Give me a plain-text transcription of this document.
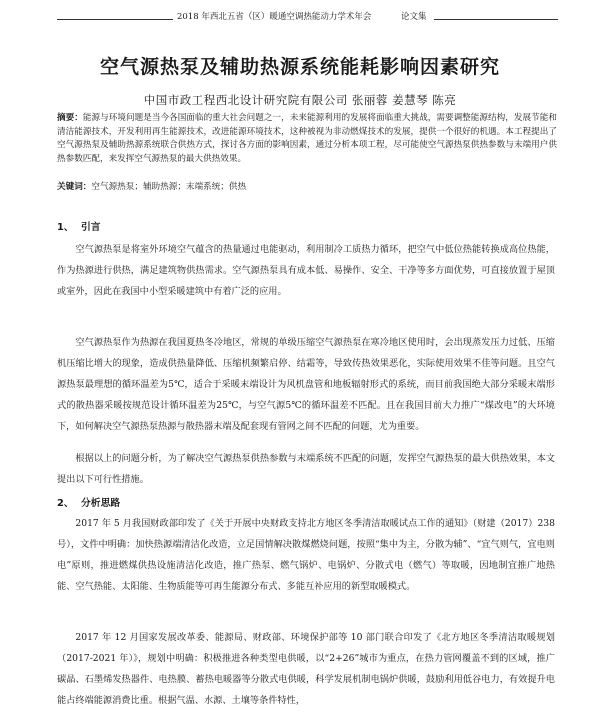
2018 年西北五省（区）暖通空调热能动力学术年会	论文集
空气源热泵及辅助热源系统能耗影响因素研究
中国市政工程西北设计研究院有限公司 张丽蓉 姜慧琴 陈亮

摘要：能源与环境问题是当今各国面临的重大社会问题之一，未来能源利用的发展将面临重大挑战，需要调整能源结构，发展节能和清洁能源技术，开发利用再生能源技术，改进能源环境技术，这种被视为非动燃煤技术的发展，提供一个很好的机遇。本工程提出了空气源热泵及辅助热源系统联合供热方式，探讨各方面的影响因素，通过分析本项工程，尽可能使空气源热泵供热参数与末端用户供热参数匹配，来发挥空气源热泵的最大供热效果。

关键词：空气源热泵；辅助热源；末端系统；供热

1、 引言

空气源热泵是将室外环境空气蕴含的热量通过电能驱动，利用制冷工质热力循环，把空气中低位热能转换成高位热能，作为热源进行供热，满足建筑物供热需求。空气源热泵具有成本低、易操作、安全、干净等多方面优势，可直接放置于屋顶或室外，因此在我国中小型采暖建筑中有着广泛的应用。

空气源热泵作为热源在我国夏热冬冷地区，常规的单级压缩空气源热泵在寒冷地区使用时，会出现蒸发压力过低、压缩机压缩比增大的现象，造成供热量降低、压缩机频繁启停、结霜等，导致传热效果恶化，实际使用效果不佳等问题。且空气源热泵最理想的循环温差为5℃，适合于采暖末端设计为风机盘管和地板辐射形式的系统，而目前我国绝大部分采暖末端形式的散热器采暖按规范设计循环温差为25℃，与空气源5℃的循环温差不匹配。且在我国目前大力推广“煤改电”的大环境下，如何解决空气源热泵热源与散热器末端及配套现有管网之间不匹配的问题，尤为重要。

根据以上的问题分析，为了解决空气源热泵供热参数与末端系统不匹配的问题，发挥空气源热泵的最大供热效果，本文提出以下可行性措施。

2、 分析思路

2017 年 5 月我国财政部印发了《关于开展中央财政支持北方地区冬季清洁取暖试点工作的通知》（财建（2017）238 号），文件中明确：加快热源端清洁化改造，立足国情解决散煤燃烧问题，按照“集中为主，分散为辅”、“宜气则气，宜电则电”原则，推进燃煤供热设施清洁化改造，推广热泵、燃气锅炉、电锅炉、分散式电（燃气）等取暖，因地制宜推广地热能、空气热能、太阳能、生物质能等可再生能源分布式、多能互补应用的新型取暖模式。

2017 年 12 月国家发展改革委、能源局、财政部、环境保护部等 10 部门联合印发了《北方地区冬季清洁取暖规划（2017-2021 年）》，规划中明确：积极推进各种类型电供暖，以“2+26”城市为重点，在热力管网覆盖不到的区域，推广碳晶、石墨烯发热器件、电热膜、蓄热电暖器等分散式电供暖，科学发展机制电锅炉供暖，鼓励利用低谷电力，有效提升电能占终端能源消费比重。根据气温、水源、土壤等条件特性，
